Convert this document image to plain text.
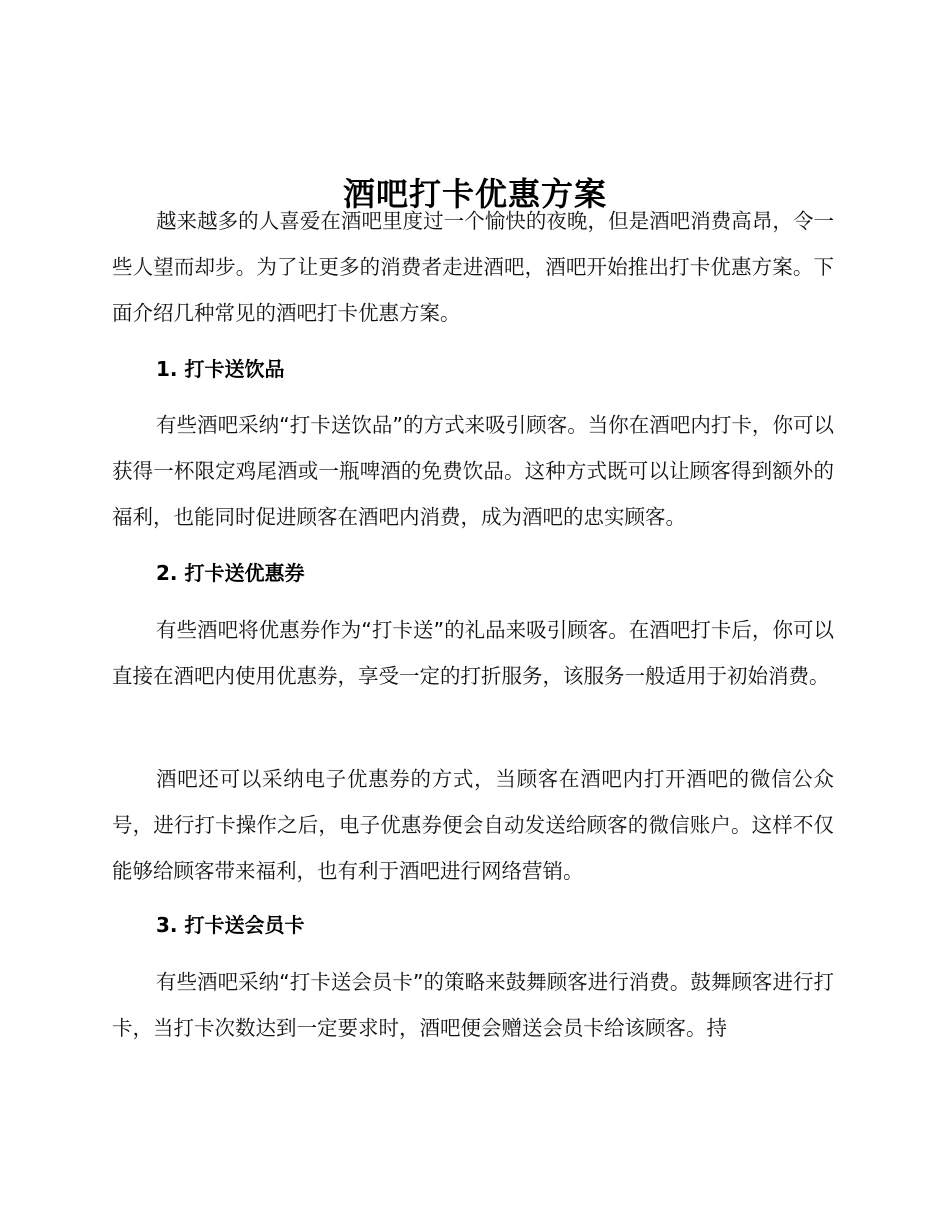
酒吧打卡优惠方案

越来越多的人喜爱在酒吧里度过一个愉快的夜晚，但是酒吧消费高昂，令一些人望而却步。为了让更多的消费者走进酒吧，酒吧开始推出打卡优惠方案。下面介绍几种常见的酒吧打卡优惠方案。

1. 打卡送饮品

有些酒吧采纳“打卡送饮品”的方式来吸引顾客。当你在酒吧内打卡，你可以获得一杯限定鸡尾酒或一瓶啤酒的免费饮品。这种方式既可以让顾客得到额外的福利，也能同时促进顾客在酒吧内消费，成为酒吧的忠实顾客。

2. 打卡送优惠券

有些酒吧将优惠券作为“打卡送”的礼品来吸引顾客。在酒吧打卡后，你可以直接在酒吧内使用优惠券，享受一定的打折服务，该服务一般适用于初始消费。

酒吧还可以采纳电子优惠券的方式，当顾客在酒吧内打开酒吧的微信公众号，进行打卡操作之后，电子优惠券便会自动发送给顾客的微信账户。这样不仅能够给顾客带来福利，也有利于酒吧进行网络营销。

3. 打卡送会员卡

有些酒吧采纳“打卡送会员卡”的策略来鼓舞顾客进行消费。鼓舞顾客进行打卡，当打卡次数达到一定要求时，酒吧便会赠送会员卡给该顾客。持
